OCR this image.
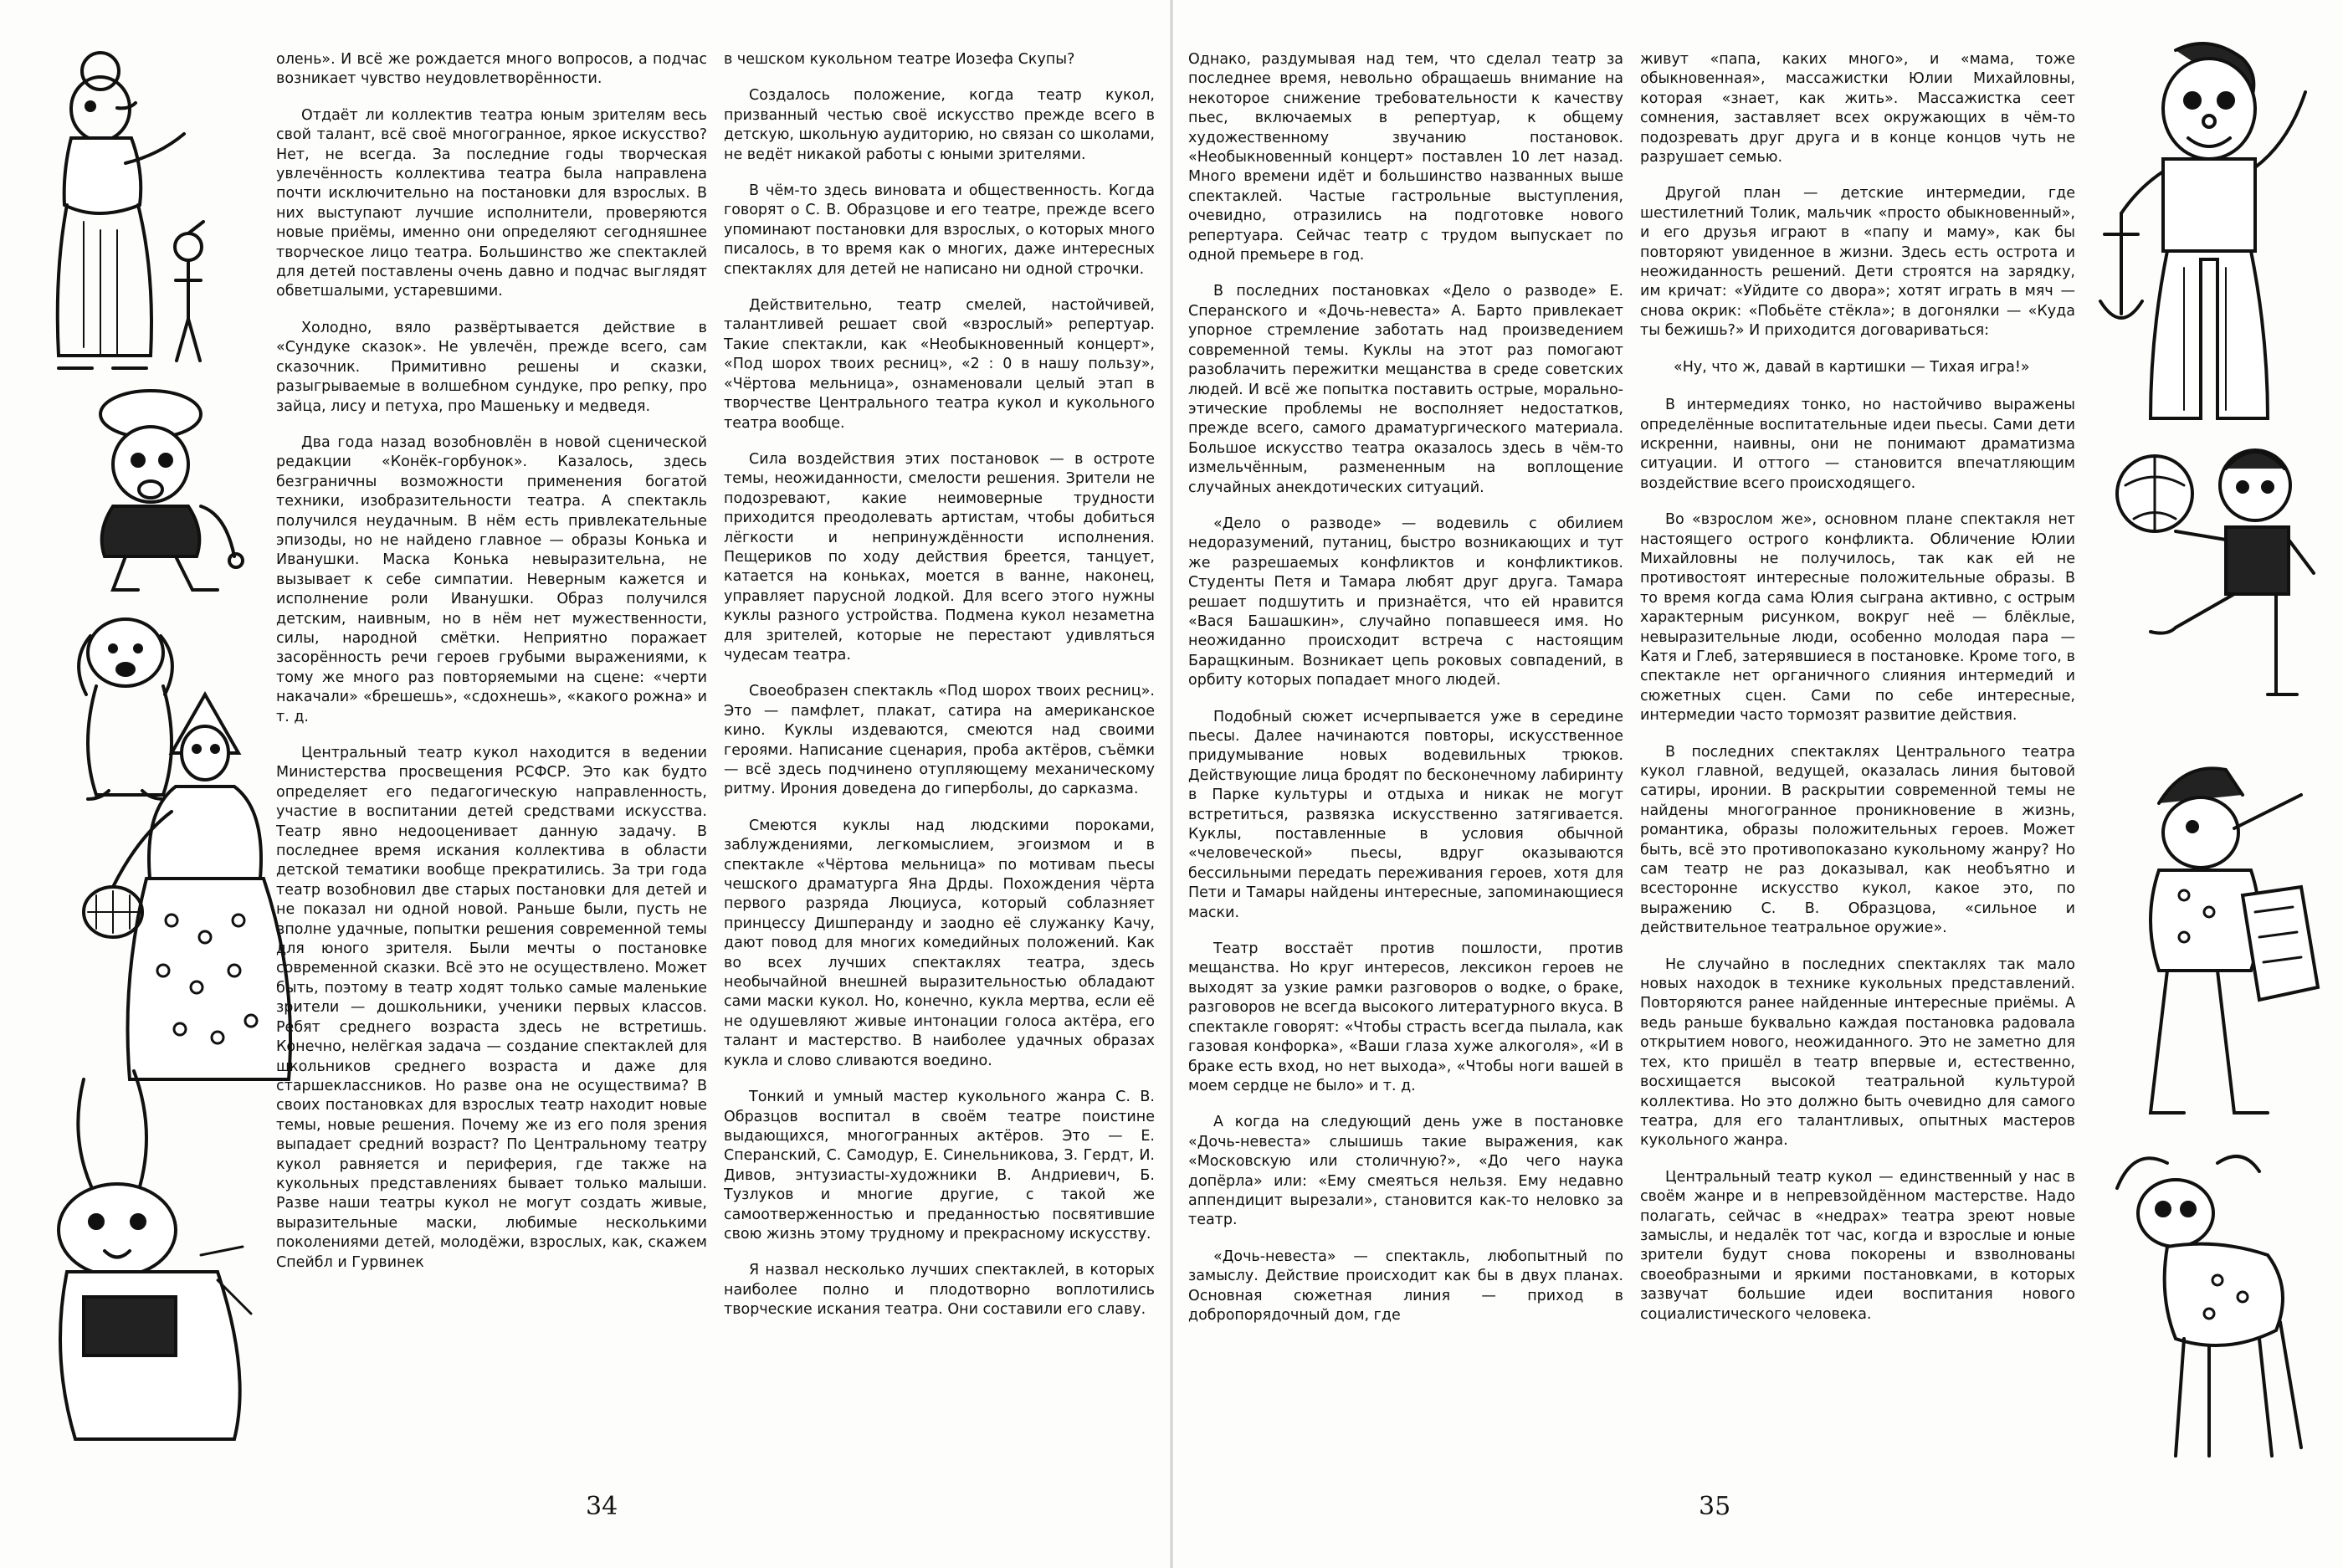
олень». И всё же рождается много вопросов, а подчас возникает чувство неудовлетворённости.

Отдаёт ли коллектив театра юным зрителям весь свой талант, всё своё многогранное, яркое искусство? Нет, не всегда. За последние годы творческая увлечённость коллектива театра была направлена почти исключительно на постановки для взрослых. В них выступают лучшие исполнители, проверяются новые приёмы, именно они определяют сегодняшнее творческое лицо театра. Большинство же спектаклей для детей поставлены очень давно и подчас выглядят обветшалыми, устаревшими.

Холодно, вяло развёртывается действие в «Сундуке сказок». Не увлечён, прежде всего, сам сказочник. Примитивно решены и сказки, разыгрываемые в волшебном сундуке, про репку, про зайца, лису и петуха, про Машеньку и медведя.

Два года назад возобновлён в новой сценической редакции «Конёк-горбунок». Казалось, здесь безграничны возможности применения богатой техники, изобразительности театра. А спектакль получился неудачным. В нём есть привлекательные эпизоды, но не найдено главное — образы Конька и Иванушки. Маска Конька невыразительна, не вызывает к себе симпатии. Неверным кажется и исполнение роли Иванушки. Образ получился детским, наивным, но в нём нет мужественности, силы, народной смётки. Неприятно поражает засорённость речи героев грубыми выражениями, к тому же много раз повторяемыми на сцене: «черти накачали» «брешешь», «сдохнешь», «какого рожна» и т. д.

Центральный театр кукол находится в ведении Министерства просвещения РСФСР. Это как будто определяет его педагогическую направленность, участие в воспитании детей средствами искусства. Театр явно недооценивает данную задачу. В последнее время искания коллектива в области детской тематики вообще прекратились. За три года театр возобновил две старых постановки для детей и не показал ни одной новой. Раньше были, пусть не вполне удачные, попытки решения современной темы для юного зрителя. Были мечты о постановке современной сказки. Всё это не осуществлено. Может быть, поэтому в театр ходят только самые маленькие зрители — дошкольники, ученики первых классов. Ребят среднего возраста здесь не встретишь. Конечно, нелёгкая задача — создание спектаклей для школьников среднего возраста и даже для старшеклассников. Но разве она не осуществима? В своих постановках для взрослых театр находит новые темы, новые решения. Почему же из его поля зрения выпадает средний возраст? По Центральному театру кукол равняется и периферия, где также на кукольных представлениях бывает только малыши. Разве наши театры кукол не могут создать живые, выразительные маски, любимые несколькими поколениями детей, молодёжи, взрослых, как, скажем Спейбл и Гурвинек

в чешском кукольном театре Иозефа Скупы?

Создалось положение, когда театр кукол, призванный честью своё искусство прежде всего в детскую, школьную аудиторию, но связан со школами, не ведёт никакой работы с юными зрителями.

В чём-то здесь виновата и общественность. Когда говорят о С. В. Образцове и его театре, прежде всего упоминают постановки для взрослых, о которых много писалось, в то время как о многих, даже интересных спектаклях для детей не написано ни одной строчки.

Действительно, театр смелей, настойчивей, талантливей решает свой «взрослый» репертуар. Такие спектакли, как «Необыкновенный концерт», «Под шорох твоих ресниц», «2 : 0 в нашу пользу», «Чёртова мельница», ознаменовали целый этап в творчестве Центрального театра кукол и кукольного театра вообще.

Сила воздействия этих постановок — в остроте темы, неожиданности, смелости решения. Зрители не подозревают, какие неимоверные трудности приходится преодолевать артистам, чтобы добиться лёгкости и непринуждённости исполнения. Пещериков по ходу действия бреется, танцует, катается на коньках, моется в ванне, наконец, управляет парусной лодкой. Для всего этого нужны куклы разного устройства. Подмена кукол незаметна для зрителей, которые не перестают удивляться чудесам театра.

Своеобразен спектакль «Под шорох твоих ресниц». Это — памфлет, плакат, сатира на американское кино. Куклы издеваются, смеются над своими героями. Написание сценария, проба актёров, съёмки — всё здесь подчинено отупляющему механическому ритму. Ирония доведена до гиперболы, до сарказма.

Смеются куклы над людскими пороками, заблуждениями, легкомыслием, эгоизмом и в спектакле «Чёртова мельница» по мотивам пьесы чешского драматурга Яна Дрды. Похождения чёрта первого разряда Люциуса, который соблазняет принцессу Дишперанду и заодно её служанку Качу, дают повод для многих комедийных положений. Как во всех лучших спектаклях театра, здесь необычайной внешней выразительностью обладают сами маски кукол. Но, конечно, кукла мертва, если её не одушевляют живые интонации голоса актёра, его талант и мастерство. В наиболее удачных образах кукла и слово сливаются воедино.

Тонкий и умный мастер кукольного жанра С. В. Образцов воспитал в своём театре поистине выдающихся, многогранных актёров. Это — Е. Сперанский, С. Самодур, Е. Синельникова, З. Гердт, И. Дивов, энтузиасты-художники В. Андриевич, Б. Тузлуков и многие другие, с такой же самоотверженностью и преданностью посвятившие свою жизнь этому трудному и прекрасному искусству.

Я назвал несколько лучших спектаклей, в которых наиболее полно и плодотворно воплотились творческие искания театра. Они составили его славу.

34

Однако, раздумывая над тем, что сделал театр за последнее время, невольно обращаешь внимание на некоторое снижение требовательности к качеству пьес, включаемых в репертуар, к общему художественному звучанию постановок. «Необыкновенный концерт» поставлен 10 лет назад. Много времени идёт и большинство названных выше спектаклей. Частые гастрольные выступления, очевидно, отразились на подготовке нового репертуара. Сейчас театр с трудом выпускает по одной премьере в год.

В последних постановках «Дело о разводе» Е. Сперанского и «Дочь-невеста» А. Барто привлекает упорное стремление заботать над произведением современной темы. Куклы на этот раз помогают разоблачить пережитки мещанства в среде советских людей. И всё же попытка поставить острые, морально-этические проблемы не восполняет недостатков, прежде всего, самого драматургического материала. Большое искусство театра оказалось здесь в чём-то измельчённым, размененным на воплощение случайных анекдотических ситуаций.

«Дело о разводе» — водевиль с обилием недоразумений, путаниц, быстро возникающих и тут же разрешаемых конфликтов и конфликтиков. Студенты Петя и Тамара любят друг друга. Тамара решает подшутить и признаётся, что ей нравится «Вася Башашкин», случайно попавшееся имя. Но неожиданно происходит встреча с настоящим Баращкиным. Возникает цепь роковых совпадений, в орбиту которых попадает много людей.

Подобный сюжет исчерпывается уже в середине пьесы. Далее начинаются повторы, искусственное придумывание новых водевильных трюков. Действующие лица бродят по бесконечному лабиринту в Парке культуры и отдыха и никак не могут встретиться, развязка искусственно затягивается. Куклы, поставленные в условия обычной «человеческой» пьесы, вдруг оказываются бессильными передать переживания героев, хотя для Пети и Тамары найдены интересные, запоминающиеся маски.

Театр восстаёт против пошлости, против мещанства. Но круг интересов, лексикон героев не выходят за узкие рамки разговоров о водке, о браке, разговоров не всегда высокого литературного вкуса. В спектакле говорят: «Чтобы страсть всегда пылала, как газовая конфорка», «Ваши глаза хуже алкоголя», «И в браке есть вход, но нет выхода», «Чтобы ноги вашей в моем сердце не было» и т. д.

А когда на следующий день уже в постановке «Дочь-невеста» слышишь такие выражения, как «Московскую или столичную?», «До чего наука допёрла» или: «Ему смеяться нельзя. Ему недавно аппендицит вырезали», становится как-то неловко за театр.

«Дочь-невеста» — спектакль, любопытный по замыслу. Действие происходит как бы в двух планах. Основная сюжетная линия — приход в добропорядочный дом, где

живут «папа, каких много», и «мама, тоже обыкновенная», массажистки Юлии Михайловны, которая «знает, как жить». Массажистка сеет сомнения, заставляет всех окружающих в чём-то подозревать друг друга и в конце концов чуть не разрушает семью.

Другой план — детские интермедии, где шестилетний Толик, мальчик «просто обыкновенный», и его друзья играют в «папу и маму», как бы повторяют увиденное в жизни. Здесь есть острота и неожиданность решений. Дети строятся на зарядку, им кричат: «Уйдите со двора»; хотят играть в мяч — снова окрик: «Побьёте стёкла»; в догонялки — «Куда ты бежишь?» И приходится договариваться:

«Ну, что ж, давай в картишки — Тихая игра!»

В интермедиях тонко, но настойчиво выражены определённые воспитательные идеи пьесы. Сами дети искренни, наивны, они не понимают драматизма ситуации. И оттого — становится впечатляющим воздействие всего происходящего.

Во «взрослом же», основном плане спектакля нет настоящего острого конфликта. Обличение Юлии Михайловны не получилось, так как ей не противостоят интересные положительные образы. В то время когда сама Юлия сыграна активно, с острым характерным рисунком, вокруг неё — блёклые, невыразительные люди, особенно молодая пара — Катя и Глеб, затерявшиеся в постановке. Кроме того, в спектакле нет органичного слияния интермедий и сюжетных сцен. Сами по себе интересные, интермедии часто тормозят развитие действия.

В последних спектаклях Центрального театра кукол главной, ведущей, оказалась линия бытовой сатиры, иронии. В раскрытии современной темы не найдены многогранное проникновение в жизнь, романтика, образы положительных героев. Может быть, всё это противопоказано кукольному жанру? Но сам театр не раз доказывал, как необъятно и всесторонне искусство кукол, какое это, по выражению С. В. Образцова, «сильное и действительное театральное оружие».

Не случайно в последних спектаклях так мало новых находок в технике кукольных представлений. Повторяются ранее найденные интересные приёмы. А ведь раньше буквально каждая постановка радовала открытием нового, неожиданного. Это не заметно для тех, кто пришёл в театр впервые и, естественно, восхищается высокой театральной культурой коллектива. Но это должно быть очевидно для самого театра, для его талантливых, опытных мастеров кукольного жанра.

Центральный театр кукол — единственный у нас в своём жанре и в непревзойдённом мастерстве. Надо полагать, сейчас в «недрах» театра зреют новые замыслы, и недалёк тот час, когда и взрослые и юные зрители будут снова покорены и взволнованы своеобразными и яркими постановками, в которых зазвучат большие идеи воспитания нового социалистического человека.

35
